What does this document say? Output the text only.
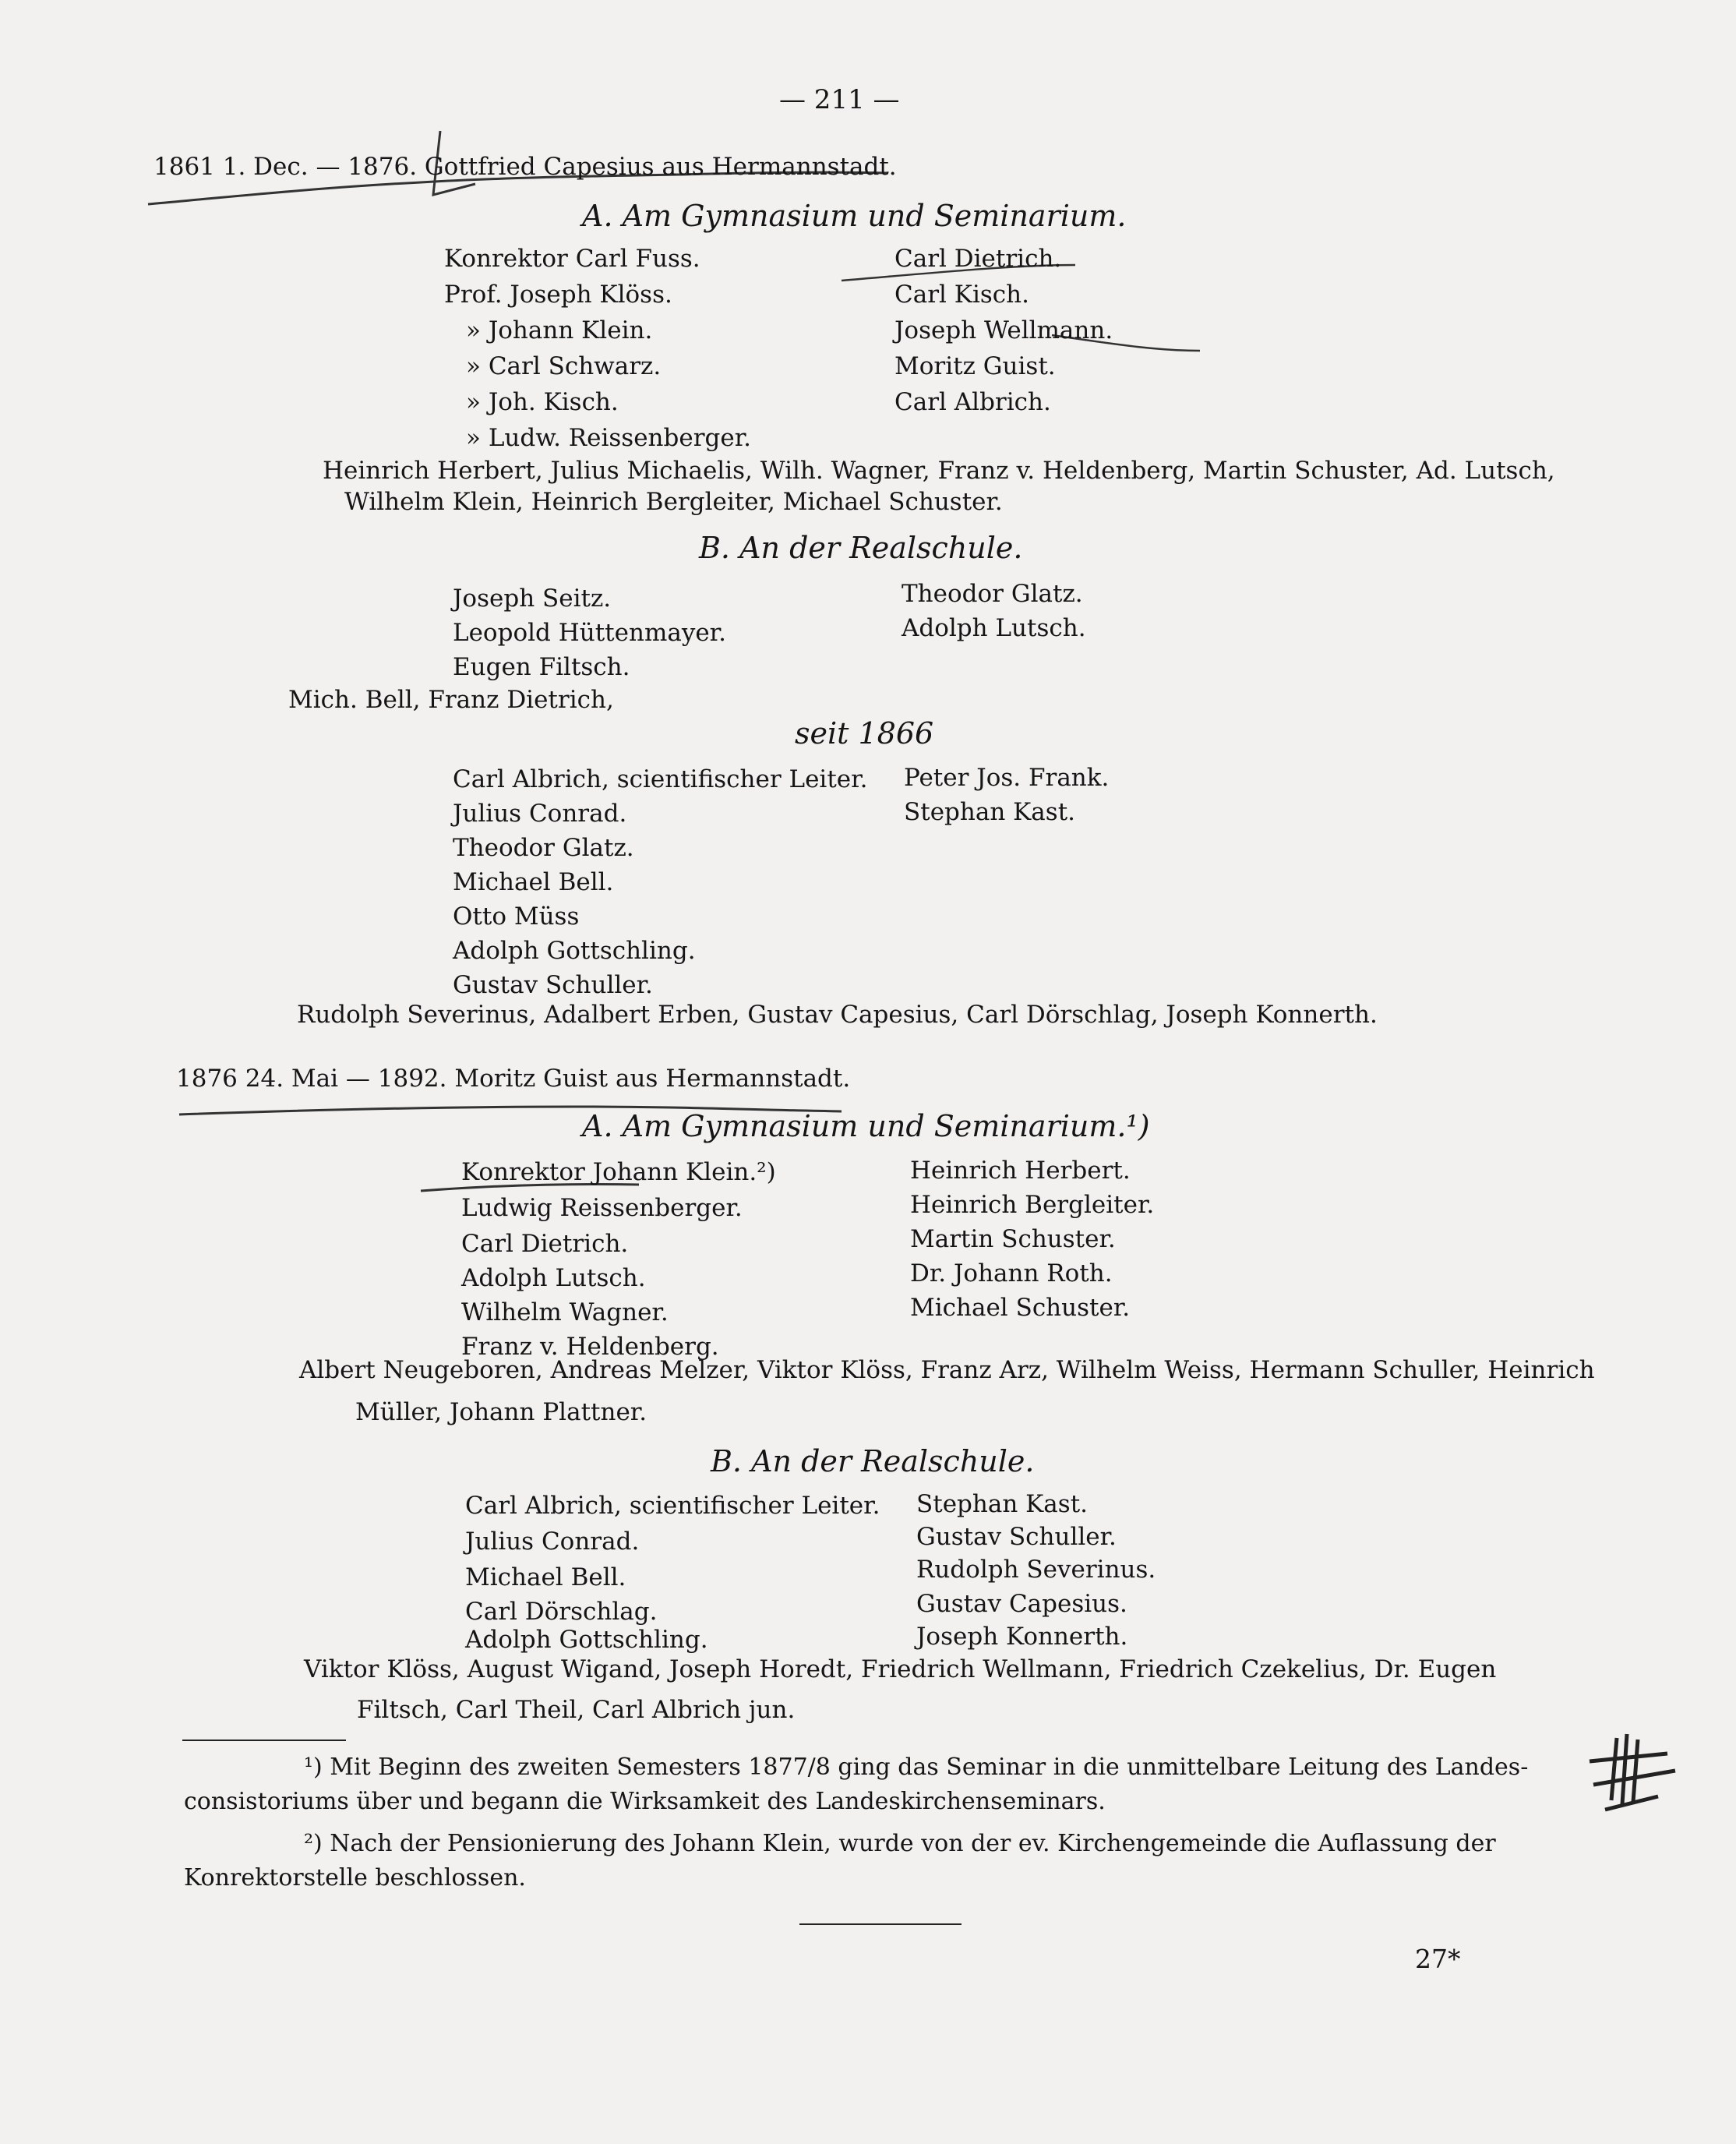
— 211 —
1861 1. Dec. — 1876. Gottfried Capesius aus Hermannstadt.
A. Am Gymnasium und Seminarium.
Konrektor Carl Fuss.
Prof. Joseph Klöss.
» Johann Klein.
» Carl Schwarz.
» Joh. Kisch.
» Ludw. Reissenberger.
Carl Dietrich.
Carl Kisch.
Joseph Wellmann.
Moritz Guist.
Carl Albrich.
Heinrich Herbert, Julius Michaelis, Wilh. Wagner, Franz v. Heldenberg, Martin Schuster, Ad. Lutsch,
Wilhelm Klein, Heinrich Bergleiter, Michael Schuster.
B. An der Realschule.
Joseph Seitz.
Leopold Hüttenmayer.
Eugen Filtsch.
Theodor Glatz.
Adolph Lutsch.
Mich. Bell, Franz Dietrich,
seit 1866
Carl Albrich, scientifischer Leiter.
Julius Conrad.
Theodor Glatz.
Michael Bell.
Otto Müss
Adolph Gottschling.
Gustav Schuller.
Peter Jos. Frank.
Stephan Kast.
Rudolph Severinus, Adalbert Erben, Gustav Capesius, Carl Dörschlag, Joseph Konnerth.
1876 24. Mai — 1892. Moritz Guist aus Hermannstadt.
A. Am Gymnasium und Seminarium.¹)
Konrektor Johann Klein.²)
Ludwig Reissenberger.
Carl Dietrich.
Adolph Lutsch.
Wilhelm Wagner.
Franz v. Heldenberg.
Heinrich Herbert.
Heinrich Bergleiter.
Martin Schuster.
Dr. Johann Roth.
Michael Schuster.
Albert Neugeboren, Andreas Melzer, Viktor Klöss, Franz Arz, Wilhelm Weiss, Hermann Schuller, Heinrich
Müller, Johann Plattner.
B. An der Realschule.
Carl Albrich, scientifischer Leiter.
Julius Conrad.
Michael Bell.
Carl Dörschlag.
Adolph Gottschling.
Stephan Kast.
Gustav Schuller.
Rudolph Severinus.
Gustav Capesius.
Joseph Konnerth.
Viktor Klöss, August Wigand, Joseph Horedt, Friedrich Wellmann, Friedrich Czekelius, Dr. Eugen
Filtsch, Carl Theil, Carl Albrich jun.
¹) Mit Beginn des zweiten Semesters 1877/8 ging das Seminar in die unmittelbare Leitung des Landes-
consistoriums über und begann die Wirksamkeit des Landeskirchenseminars.
²) Nach der Pensionierung des Johann Klein, wurde von der ev. Kirchengemeinde die Auflassung der
Konrektorstelle beschlossen.
27*
